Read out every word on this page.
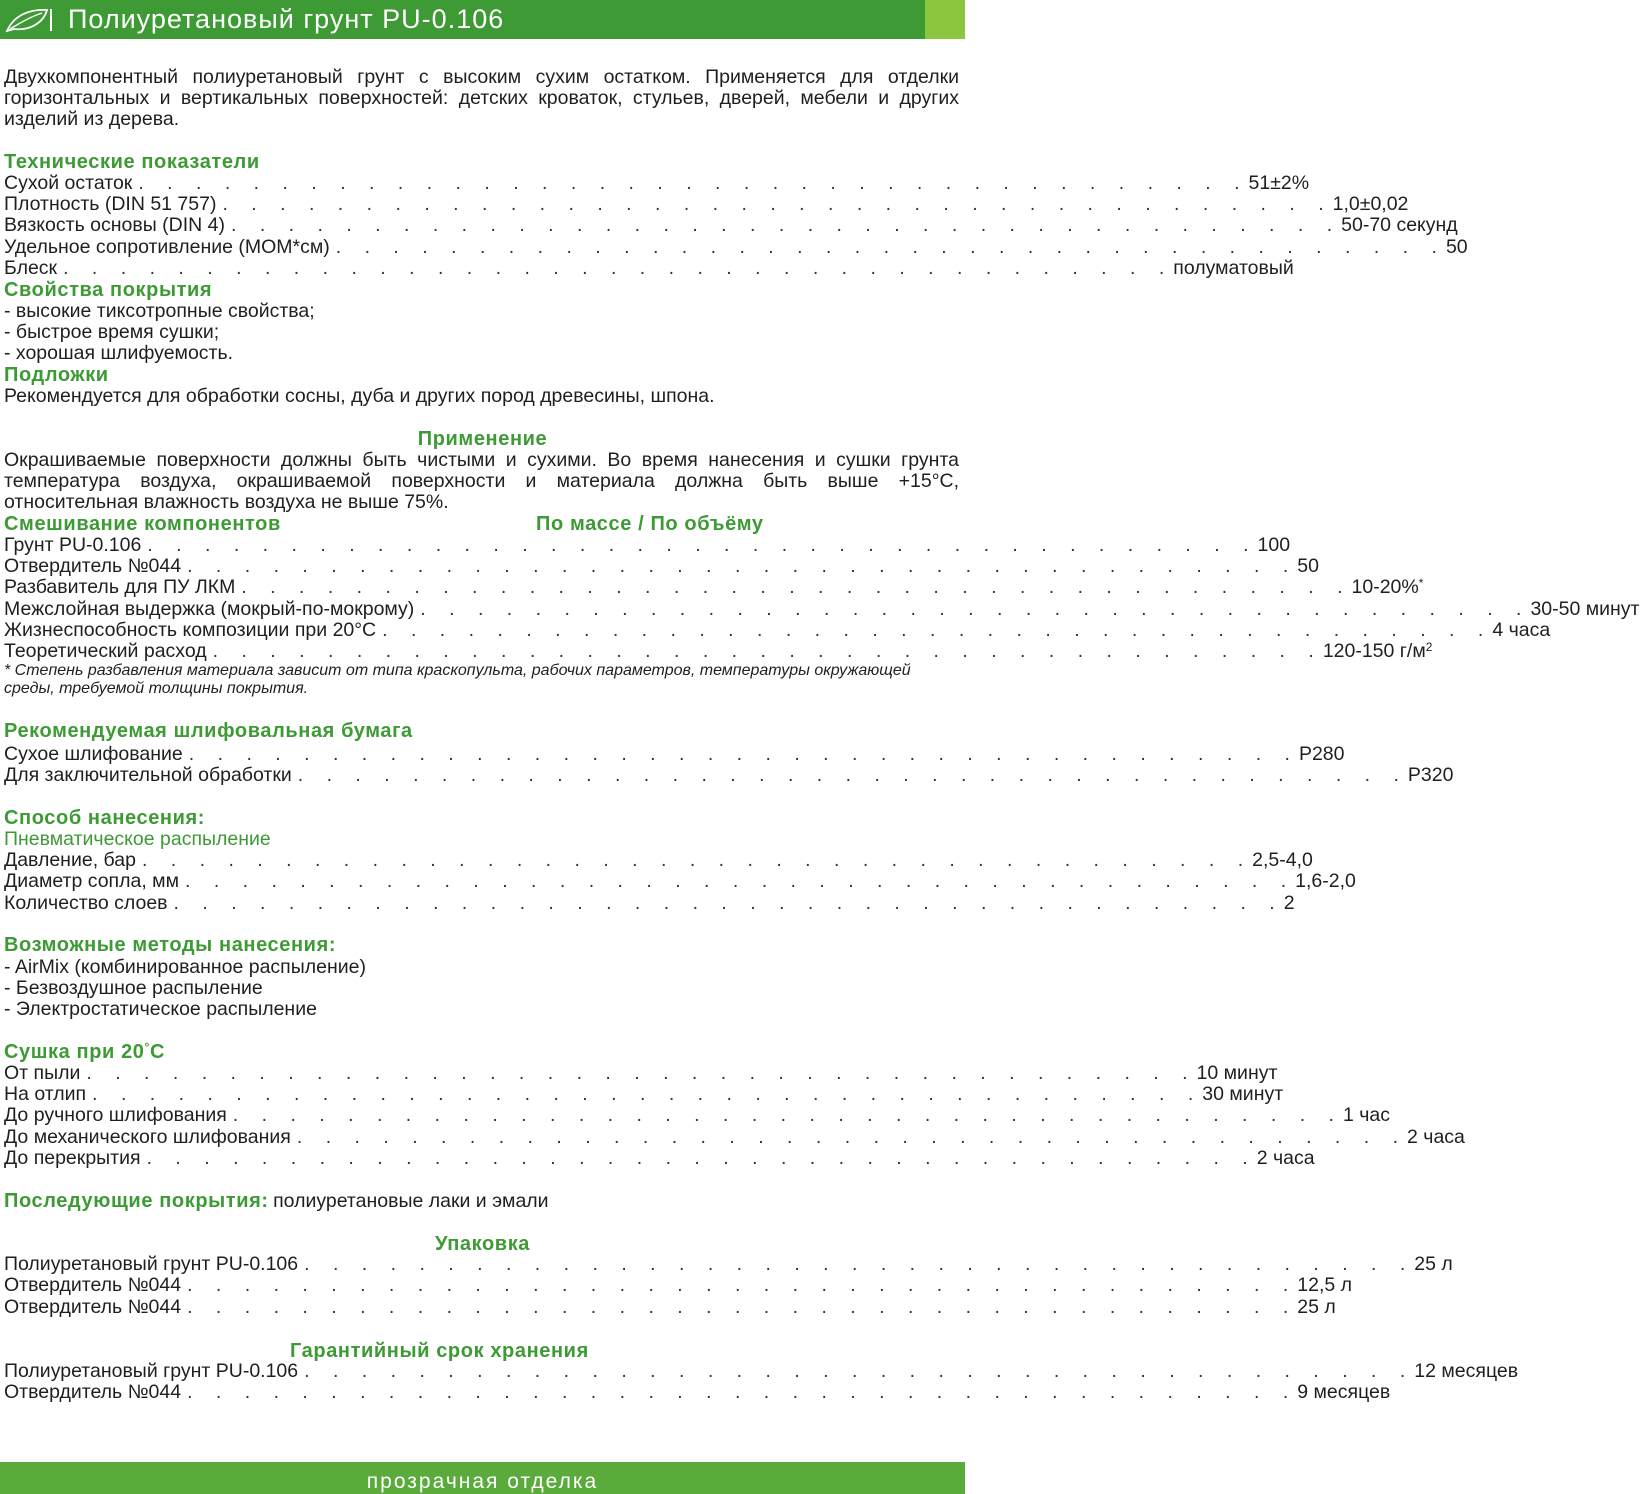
Полиуретановый грунт PU-0.106
Двухкомпонентный полиуретановый грунт с высоким сухим остатком. Применяется для отделки горизонтальных и вертикальных поверхностей: детских кроваток, стульев, дверей, мебели и других изделий из дерева.
Технические показатели
Сухой остаток . . . . . . . . . . . . . . . . . . . . . . . . . . . . . . . . . . . . . . . 51±2%
Плотность (DIN 51 757) . . . . . . . . . . . . . . . . . . . . . . . . . . . . . . . . . . . . . . . 1,0±0,02
Вязкость основы (DIN 4) . . . . . . . . . . . . . . . . . . . . . . . . . . . . . . . . . . . . . . . 50-70 секунд
Удельное сопротивление (МОМ*см) . . . . . . . . . . . . . . . . . . . . . . . . . . . . . . . . . . . . . . . 50
Блеск . . . . . . . . . . . . . . . . . . . . . . . . . . . . . . . . . . . . . . . полуматовый
Свойства покрытия
- высокие тиксотропные свойства;
- быстрое время сушки;
- хорошая шлифуемость.
Подложки
Рекомендуется для обработки сосны, дуба и других пород древесины, шпона.
Применение
Окрашиваемые поверхности должны быть чистыми и сухими. Во время нанесения и сушки грунта температура воздуха, окрашиваемой поверхности и материала должна быть выше +15°С, относительная влажность воздуха не выше 75%.
Смешивание компонентов	По массе / По объёму
Грунт PU-0.106 . . . . . . . . . . . . . . . . . . . . . . . . . . . . . . . . . . . . . . . 100
Отвердитель №044 . . . . . . . . . . . . . . . . . . . . . . . . . . . . . . . . . . . . . . . 50
Разбавитель для ПУ ЛКМ . . . . . . . . . . . . . . . . . . . . . . . . . . . . . . . . . . . . . . . 10-20%*
Межслойная выдержка (мокрый-по-мокрому) . . . . . . . . . . . . . . . . . . . . . . . . . . . . . . . . . . . . . . . 30-50 минут
Жизнеспособность композиции при 20°С . . . . . . . . . . . . . . . . . . . . . . . . . . . . . . . . . . . . . . . 4 часа
Теоретический расход . . . . . . . . . . . . . . . . . . . . . . . . . . . . . . . . . . . . . . . 120-150 $г/м^2$
* Степень разбавления материала зависит от типа краскопульта, рабочих параметров, температуры окружающей среды, требуемой толщины покрытия.
Рекомендуемая шлифовальная бумага
Сухое шлифование . . . . . . . . . . . . . . . . . . . . . . . . . . . . . . . . . . . . . . . Р280
Для заключительной обработки . . . . . . . . . . . . . . . . . . . . . . . . . . . . . . . . . . . . . . . Р320
Способ нанесения:
Пневматическое распыление
Давление, бар . . . . . . . . . . . . . . . . . . . . . . . . . . . . . . . . . . . . . . . 2,5-4,0
Диаметр сопла, мм . . . . . . . . . . . . . . . . . . . . . . . . . . . . . . . . . . . . . . . 1,6-2,0
Количество слоев . . . . . . . . . . . . . . . . . . . . . . . . . . . . . . . . . . . . . . . 2
Возможные методы нанесения:
- AirMix (комбинированное распыление)
- Безвоздушное распыление
- Электростатическое распыление
Сушка при 20°С
От пыли . . . . . . . . . . . . . . . . . . . . . . . . . . . . . . . . . . . . . . . 10 минут
На отлип . . . . . . . . . . . . . . . . . . . . . . . . . . . . . . . . . . . . . . . 30 минут
До ручного шлифования . . . . . . . . . . . . . . . . . . . . . . . . . . . . . . . . . . . . . . . 1 час
До механического шлифования . . . . . . . . . . . . . . . . . . . . . . . . . . . . . . . . . . . . . . . 2 часа
До перекрытия . . . . . . . . . . . . . . . . . . . . . . . . . . . . . . . . . . . . . . . 2 часа
Последующие покрытия: полиуретановые лаки и эмали
Упаковка
Полиуретановый грунт PU-0.106 . . . . . . . . . . . . . . . . . . . . . . . . . . . . . . . . . . . . . . . 25 л
Отвердитель №044 . . . . . . . . . . . . . . . . . . . . . . . . . . . . . . . . . . . . . . . 12,5 л
Отвердитель №044 . . . . . . . . . . . . . . . . . . . . . . . . . . . . . . . . . . . . . . . 25 л
Гарантийный срок хранения
Полиуретановый грунт PU-0.106 . . . . . . . . . . . . . . . . . . . . . . . . . . . . . . . . . . . . . . . 12 месяцев
Отвердитель №044 . . . . . . . . . . . . . . . . . . . . . . . . . . . . . . . . . . . . . . . 9 месяцев
прозрачная отделка
